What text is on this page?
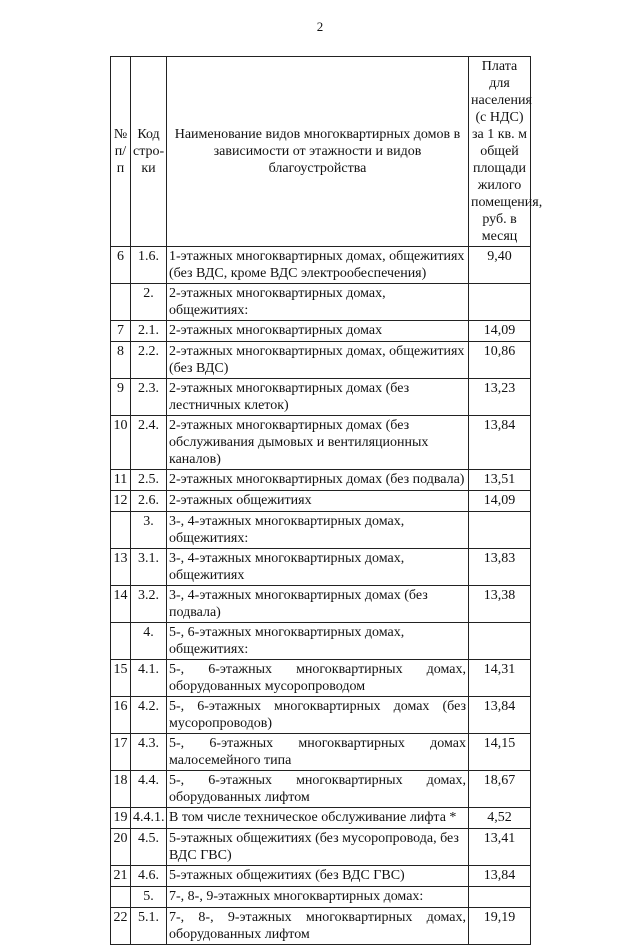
2
№ п/п	Код стро-ки	Наименование видов многоквартирных домов в зависимости от этажности и видов благоустройства	Плата для населения (с НДС) за 1 кв. м общей площади жилого помещения, руб. в месяц
6	1.6.	1-этажных многоквартирных домах, общежитиях (без ВДС, кроме ВДС электрообеспечения)	9,40
	2.	2-этажных многоквартирных домах, общежитиях:	
7	2.1.	2-этажных многоквартирных домах	14,09
8	2.2.	2-этажных многоквартирных домах, общежитиях (без ВДС)	10,86
9	2.3.	2-этажных многоквартирных домах (без лестничных клеток)	13,23
10	2.4.	2-этажных многоквартирных домах (без обслуживания дымовых и вентиляционных каналов)	13,84
11	2.5.	2-этажных многоквартирных домах (без подвала)	13,51
12	2.6.	2-этажных общежитиях	14,09
	3.	3-, 4-этажных многоквартирных домах, общежитиях:	
13	3.1.	3-, 4-этажных многоквартирных домах, общежитиях	13,83
14	3.2.	3-, 4-этажных многоквартирных домах (без подвала)	13,38
	4.	5-, 6-этажных многоквартирных домах, общежитиях:	
15	4.1.	5-, 6-этажных многоквартирных домах, оборудованных мусоропроводом	14,31
16	4.2.	5-, 6-этажных многоквартирных домах (без мусоропроводов)	13,84
17	4.3.	5-, 6-этажных многоквартирных домах малосемейного типа	14,15
18	4.4.	5-, 6-этажных многоквартирных домах, оборудованных лифтом	18,67
19	4.4.1.	В том числе техническое обслуживание лифта *	4,52
20	4.5.	5-этажных общежитиях (без мусоропровода, без ВДС ГВС)	13,41
21	4.6.	5-этажных общежитиях (без ВДС ГВС)	13,84
	5.	7-, 8-, 9-этажных многоквартирных домах:	
22	5.1.	7-, 8-, 9-этажных многоквартирных домах, оборудованных лифтом	19,19
